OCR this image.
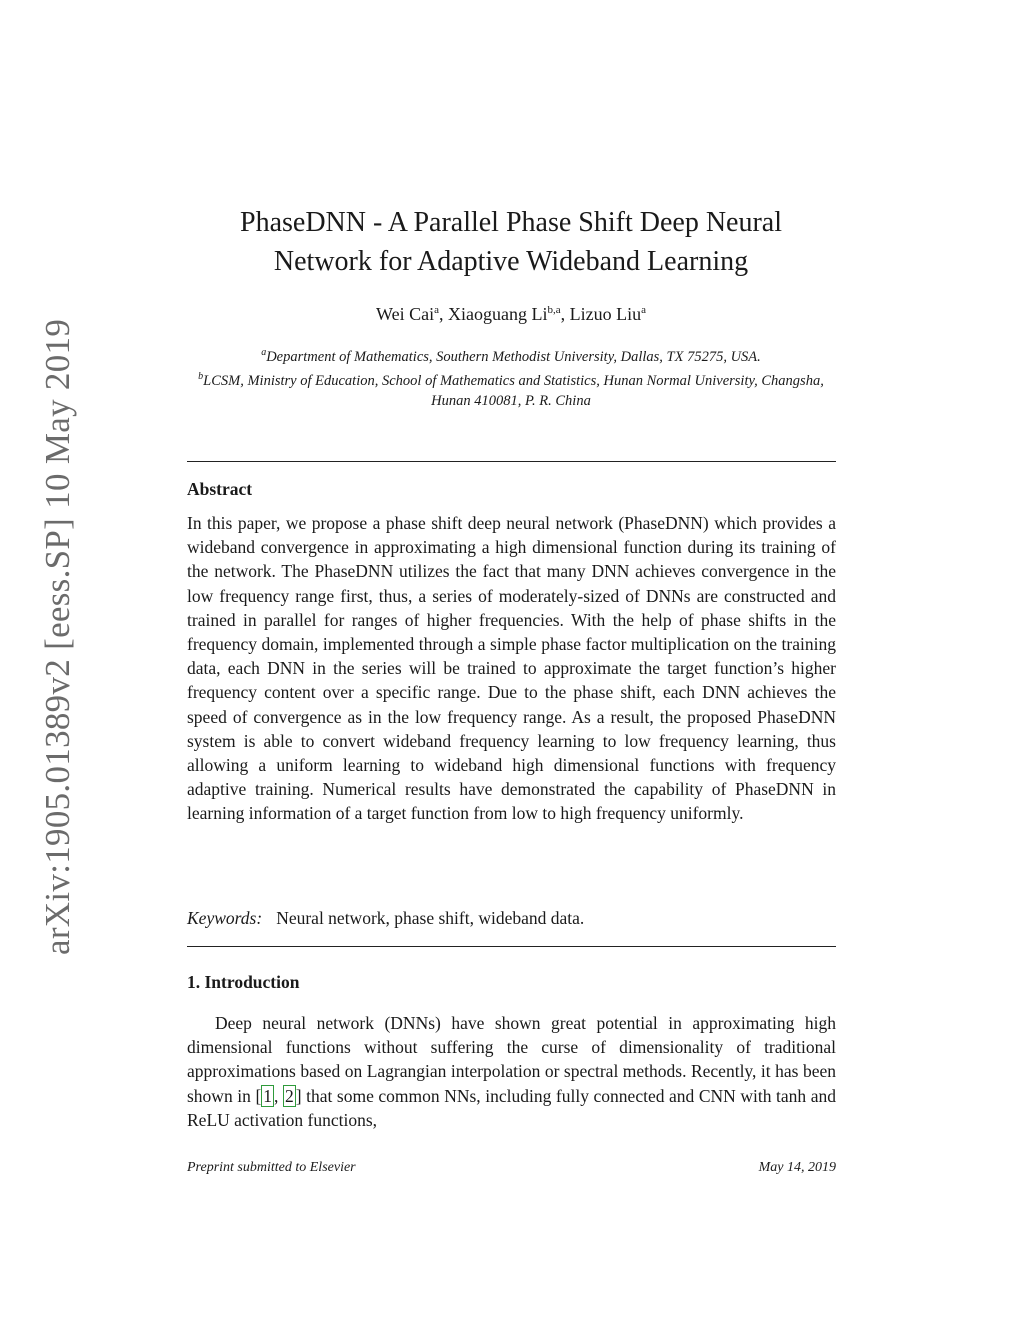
arXiv:1905.01389v2 [eess.SP] 10 May 2019
PhaseDNN - A Parallel Phase Shift Deep Neural
Network for Adaptive Wideband Learning
Wei Cai$^a$, Xiaoguang Li$^{b,a}$, Lizuo Liu$^a$
$^a$Department of Mathematics, Southern Methodist University, Dallas, TX 75275, USA.
$^b$LCSM, Ministry of Education, School of Mathematics and Statistics, Hunan Normal University, Changsha, Hunan 410081, P. R. China
Abstract

In this paper, we propose a phase shift deep neural network (PhaseDNN) which provides a wideband convergence in approximating a high dimensional function during its training of the network. The PhaseDNN utilizes the fact that many DNN achieves convergence in the low frequency range first, thus, a series of moderately-sized of DNNs are constructed and trained in parallel for ranges of higher frequencies. With the help of phase shifts in the frequency domain, implemented through a simple phase factor multiplication on the training data, each DNN in the series will be trained to approximate the target function’s higher frequency content over a specific range. Due to the phase shift, each DNN achieves the speed of convergence as in the low frequency range. As a result, the proposed PhaseDNN system is able to convert wideband frequency learning to low frequency learning, thus allowing a uniform learning to wideband high dimensional functions with frequency adaptive training. Numerical results have demonstrated the capability of PhaseDNN in learning information of a target function from low to high frequency uniformly.

Keywords: Neural network, phase shift, wideband data.
1. Introduction

Deep neural network (DNNs) have shown great potential in approximating high dimensional functions without suffering the curse of dimensionality of traditional approximations based on Lagrangian interpolation or spectral methods. Recently, it has been shown in [ 1 , 2 ] that some common NNs, including fully connected and CNN with tanh and ReLU activation functions,

Preprint submitted to Elsevier	May 14, 2019
